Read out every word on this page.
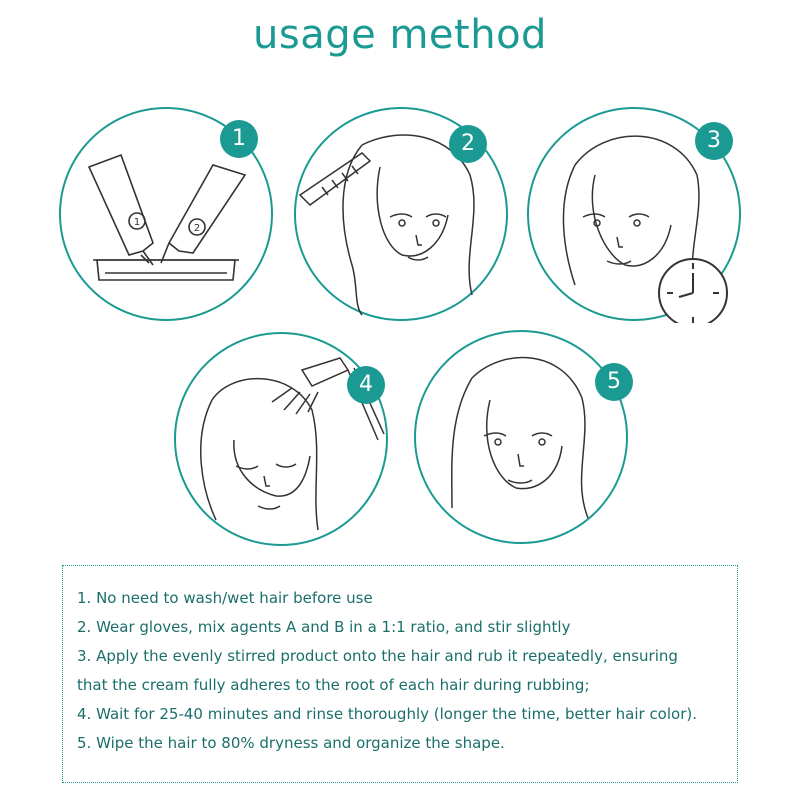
usage method
1
2
1	2	3
4	5

1. No need to wash/wet hair before use

2. Wear gloves, mix agents A and B in a 1:1 ratio, and stir slightly

3. Apply the evenly stirred product onto the hair and rub it repeatedly, ensuring

that the cream fully adheres to the root of each hair during rubbing;

4. Wait for 25-40 minutes and rinse thoroughly (longer the time, better hair color).

5. Wipe the hair to 80% dryness and organize the shape.
